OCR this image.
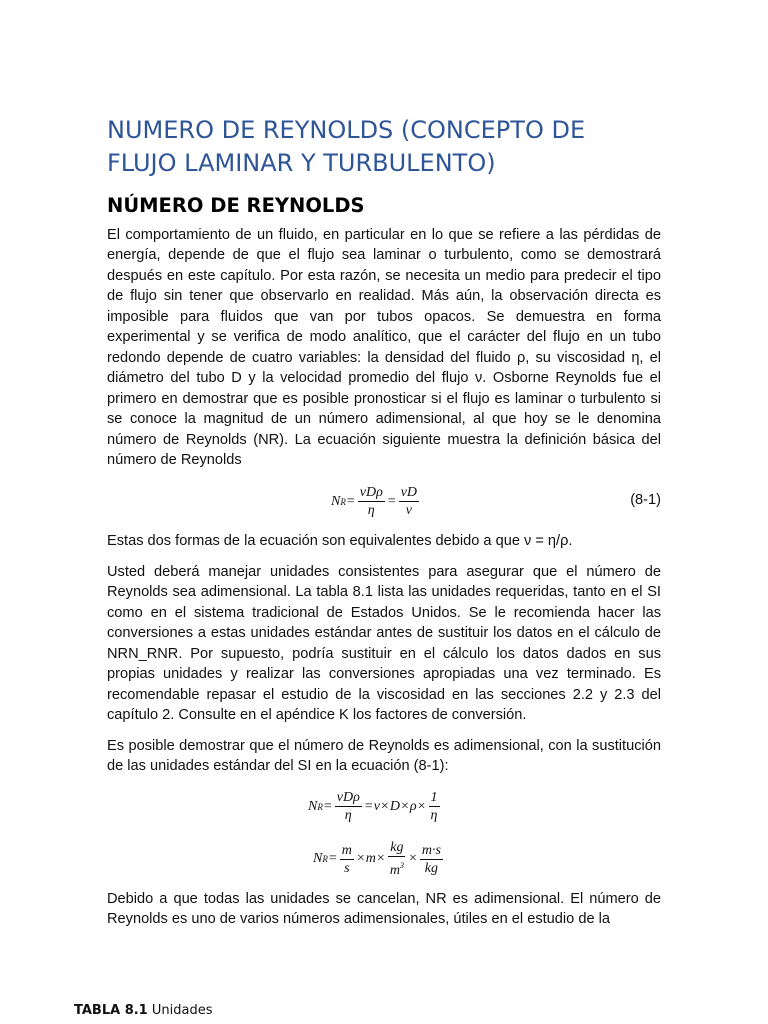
NUMERO DE REYNOLDS (CONCEPTO DE FLUJO LAMINAR Y TURBULENTO)
NÚMERO DE REYNOLDS

El comportamiento de un fluido, en particular en lo que se refiere a las pérdidas de energía, depende de que el flujo sea laminar o turbulento, como se demostrará después en este capítulo. Por esta razón, se necesita un medio para predecir el tipo de flujo sin tener que observarlo en realidad. Más aún, la observación directa es imposible para fluidos que van por tubos opacos. Se demuestra en forma experimental y se verifica de modo analítico, que el carácter del flujo en un tubo redondo depende de cuatro variables: la densidad del fluido ρ, su viscosidad η, el diámetro del tubo D y la velocidad promedio del flujo ν. Osborne Reynolds fue el primero en demostrar que es posible pronosticar si el flujo es laminar o turbulento si se conoce la magnitud de un número adimensional, al que hoy se le denomina número de Reynolds (NR). La ecuación siguiente muestra la definición básica del número de Reynolds

N $R = \frac{\text{vDρ}}{\eta} = \frac{vD}{\nu}$	(8-1)

Estas dos formas de la ecuación son equivalentes debido a que ν = η/ρ.

Usted deberá manejar unidades consistentes para asegurar que el número de Reynolds sea adimensional. La tabla 8.1 lista las unidades requeridas, tanto en el SI como en el sistema tradicional de Estados Unidos. Se le recomienda hacer las conversiones a estas unidades estándar antes de sustituir los datos en el cálculo de NRN_RNR. Por supuesto, podría sustituir en el cálculo los datos dados en sus propias unidades y realizar las conversiones apropiadas una vez terminado. Es recomendable repasar el estudio de la viscosidad en las secciones 2.2 y 2.3 del capítulo 2. Consulte en el apéndice K los factores de conversión.

Es posible demostrar que el número de Reynolds es adimensional, con la sustitución de las unidades estándar del SI en la ecuación (8-1):

N $R = \frac{\text{vDρ}}{\eta} = v \times D \times \rho \times \frac{1}{\eta}$
N $R = \frac{m}{s} \times m \times \frac{kg}{m^3} \times \frac{m\cdot s}{kg}$

Debido a que todas las unidades se cancelan, NR es adimensional. El número de Reynolds es uno de varios números adimensionales, útiles en el estudio de la

TABLA 8.1 Unidades
